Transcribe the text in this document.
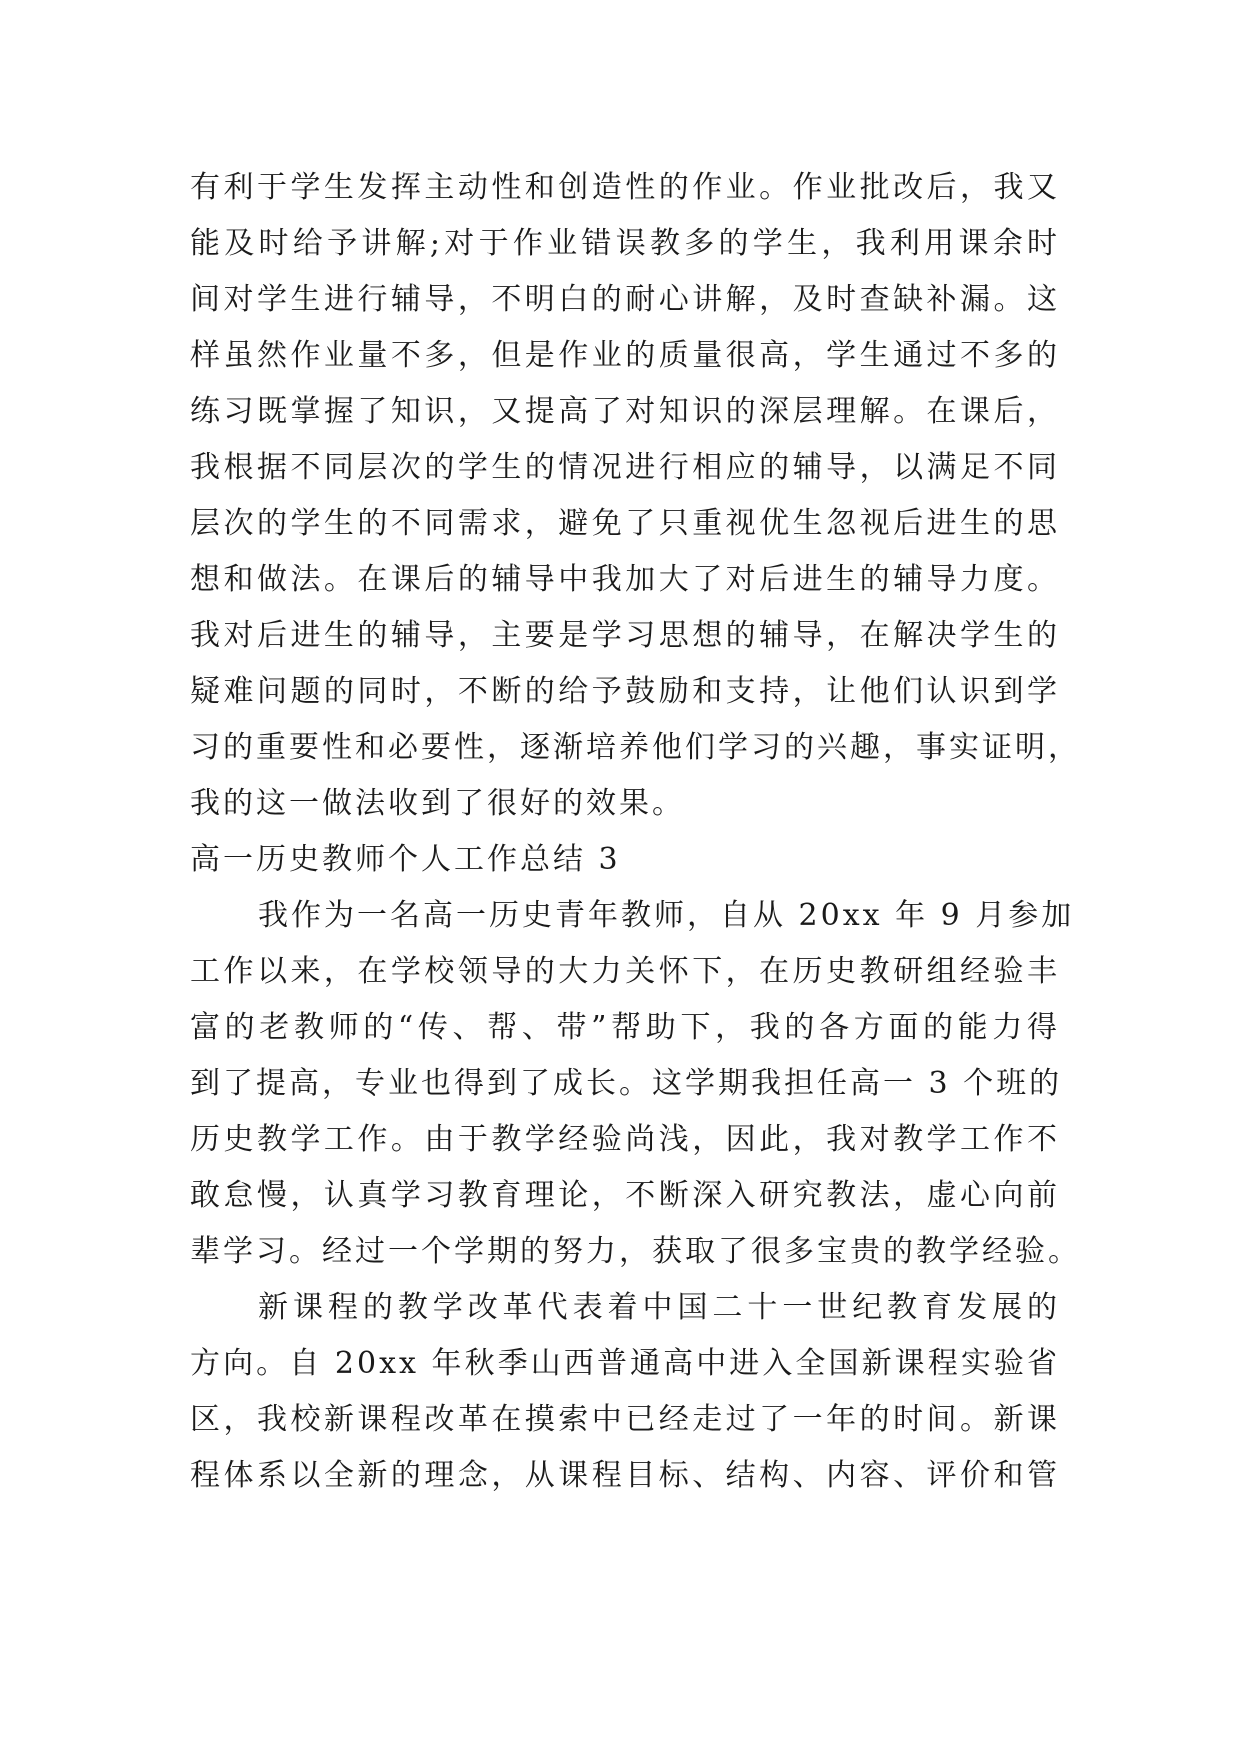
有利于学生发挥主动性和创造性的作业。作业批改后，我又
能及时给予讲解;对于作业错误教多的学生，我利用课余时
间对学生进行辅导，不明白的耐心讲解，及时查缺补漏。这
样虽然作业量不多，但是作业的质量很高，学生通过不多的
练习既掌握了知识，又提高了对知识的深层理解。在课后，
我根据不同层次的学生的情况进行相应的辅导，以满足不同
层次的学生的不同需求，避免了只重视优生忽视后进生的思
想和做法。在课后的辅导中我加大了对后进生的辅导力度。
我对后进生的辅导，主要是学习思想的辅导，在解决学生的
疑难问题的同时，不断的给予鼓励和支持，让他们认识到学
习的重要性和必要性，逐渐培养他们学习的兴趣，事实证明，
我的这一做法收到了很好的效果。
高一历史教师个人工作总结 3
我作为一名高一历史青年教师，自从 20xx 年 9 月参加
工作以来，在学校领导的大力关怀下，在历史教研组经验丰
富的老教师的“传、帮、带”帮助下，我的各方面的能力得
到了提高，专业也得到了成长。这学期我担任高一 3 个班的
历史教学工作。由于教学经验尚浅，因此，我对教学工作不
敢怠慢，认真学习教育理论，不断深入研究教法，虚心向前
辈学习。经过一个学期的努力，获取了很多宝贵的教学经验。
新课程的教学改革代表着中国二十一世纪教育发展的
方向。自 20xx 年秋季山西普通高中进入全国新课程实验省
区，我校新课程改革在摸索中已经走过了一年的时间。新课
程体系以全新的理念，从课程目标、结构、内容、评价和管
